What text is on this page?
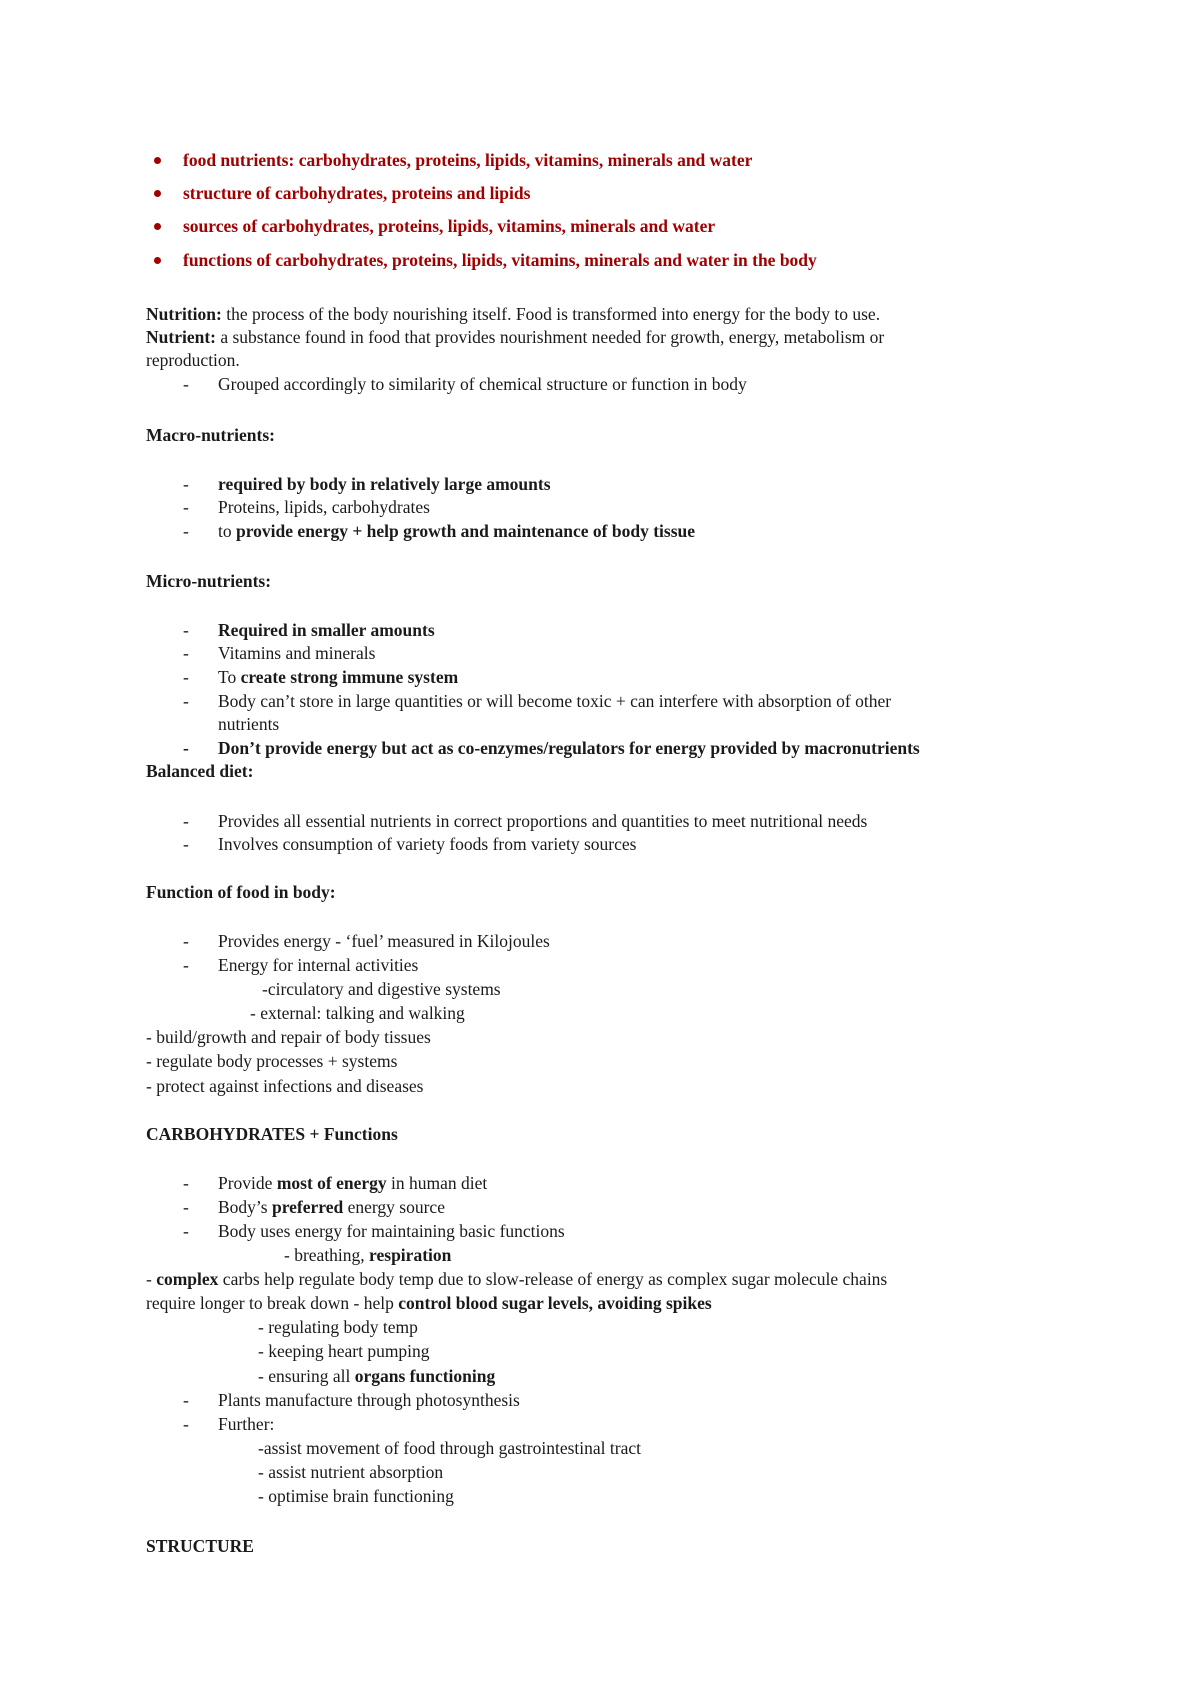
food nutrients: carbohydrates, proteins, lipids, vitamins, minerals and water
structure of carbohydrates, proteins and lipids
sources of carbohydrates, proteins, lipids, vitamins, minerals and water
functions of carbohydrates, proteins, lipids, vitamins, minerals and water in the body
Nutrition: the process of the body nourishing itself. Food is transformed into energy for the body to use.
Nutrient: a substance found in food that provides nourishment needed for growth, energy, metabolism or
reproduction.
- Grouped accordingly to similarity of chemical structure or function in body
Macro-nutrients:
- required by body in relatively large amounts
- Proteins, lipids, carbohydrates
- to provide energy + help growth and maintenance of body tissue
Micro-nutrients:
- Required in smaller amounts
- Vitamins and minerals
- To create strong immune system
- Body can’t store in large quantities or will become toxic + can interfere with absorption of other
nutrients
- Don’t provide energy but act as co-enzymes/regulators for energy provided by macronutrients
Balanced diet:
- Provides all essential nutrients in correct proportions and quantities to meet nutritional needs
- Involves consumption of variety foods from variety sources
Function of food in body:
- Provides energy - ‘fuel’ measured in Kilojoules
- Energy for internal activities
-circulatory and digestive systems
- external: talking and walking
- build/growth and repair of body tissues
- regulate body processes + systems
- protect against infections and diseases
CARBOHYDRATES + Functions
- Provide most of energy in human diet
- Body’s preferred energy source
- Body uses energy for maintaining basic functions
- breathing, respiration
- complex carbs help regulate body temp due to slow-release of energy as complex sugar molecule chains
require longer to break down - help control blood sugar levels, avoiding spikes
- regulating body temp
- keeping heart pumping
- ensuring all organs functioning
- Plants manufacture through photosynthesis
- Further:
-assist movement of food through gastrointestinal tract
- assist nutrient absorption
- optimise brain functioning
STRUCTURE
